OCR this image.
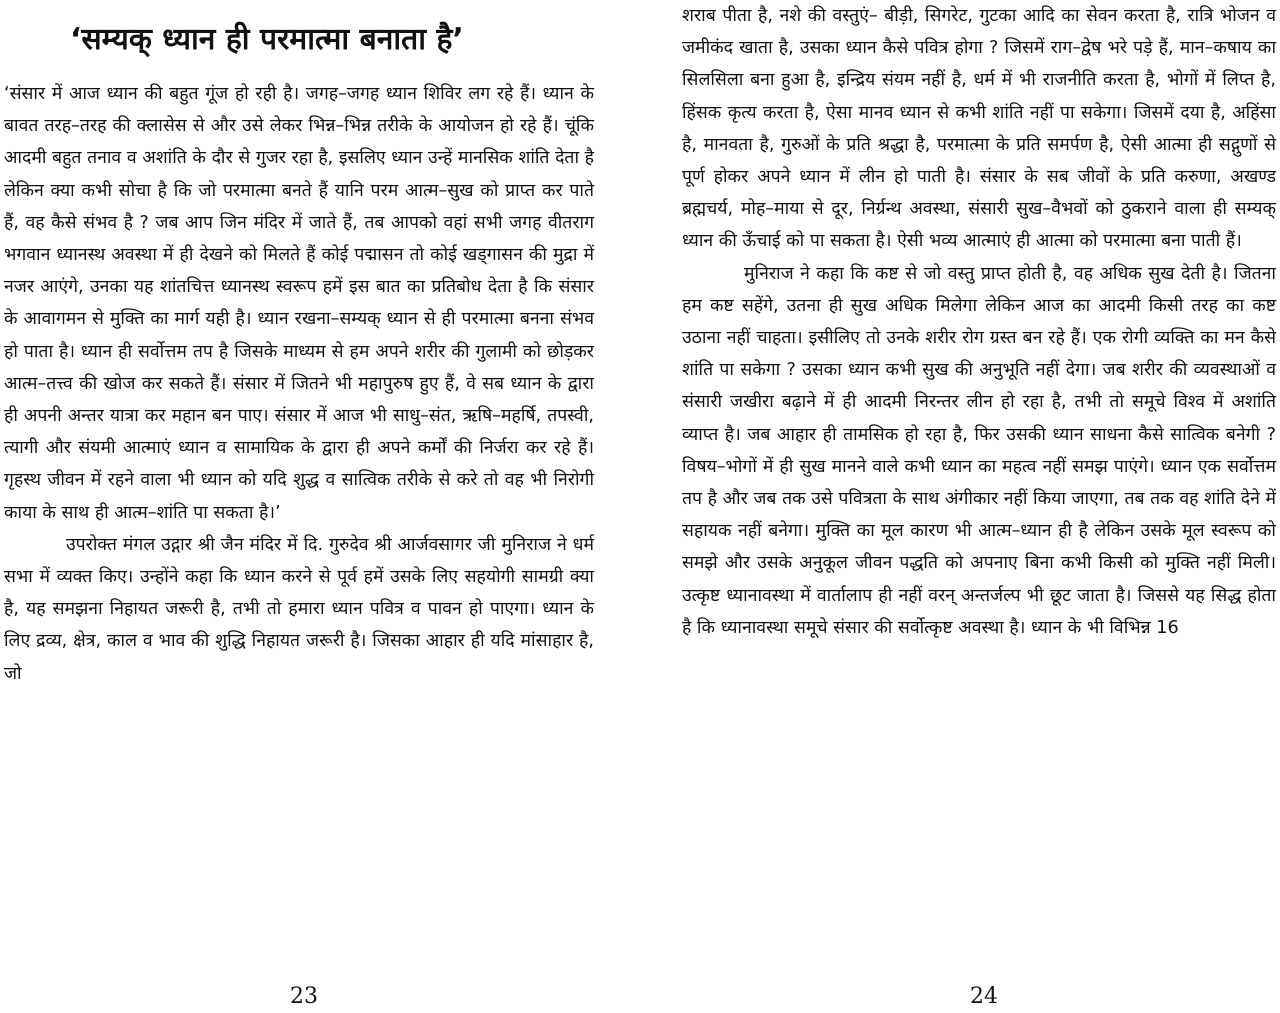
‘सम्यक् ध्यान ही परमात्मा बनाता है’

‘संसार में आज ध्यान की बहुत गूंज हो रही है। जगह–जगह ध्यान शिविर लग रहे हैं। ध्यान के बावत तरह–तरह की क्लासेस से और उसे लेकर भिन्न–भिन्न तरीके के आयोजन हो रहे हैं। चूंकि आदमी बहुत तनाव व अशांति के दौर से गुजर रहा है, इसलिए ध्यान उन्हें मानसिक शांति देता है लेकिन क्या कभी सोचा है कि जो परमात्मा बनते हैं यानि परम आत्म–सुख को प्राप्त कर पाते हैं, वह कैसे संभव है ? जब आप जिन मंदिर में जाते हैं, तब आपको वहां सभी जगह वीतराग भगवान ध्यानस्थ अवस्था में ही देखने को मिलते हैं कोई पद्मासन तो कोई खड्गासन की मुद्रा में नजर आएंगे, उनका यह शांतचित्त ध्यानस्थ स्वरूप हमें इस बात का प्रतिबोध देता है कि संसार के आवागमन से मुक्ति का मार्ग यही है। ध्यान रखना–सम्यक् ध्यान से ही परमात्मा बनना संभव हो पाता है। ध्यान ही सर्वोत्तम तप है जिसके माध्यम से हम अपने शरीर की गुलामी को छोड़कर आत्म–तत्त्व की खोज कर सकते हैं। संसार में जितने भी महापुरुष हुए हैं, वे सब ध्यान के द्वारा ही अपनी अन्तर यात्रा कर महान बन पाए। संसार में आज भी साधु–संत, ऋषि–महर्षि, तपस्वी, त्यागी और संयमी आत्माएं ध्यान व सामायिक के द्वारा ही अपने कर्मों की निर्जरा कर रहे हैं। गृहस्थ जीवन में रहने वाला भी ध्यान को यदि शुद्ध व सात्विक तरीके से करे तो वह भी निरोगी काया के साथ ही आत्म–शांति पा सकता है।’

उपरोक्त मंगल उद्गार श्री जैन मंदिर में दि. गुरुदेव श्री आर्जवसागर जी मुनिराज ने धर्म सभा में व्यक्त किए। उन्होंने कहा कि ध्यान करने से पूर्व हमें उसके लिए सहयोगी सामग्री क्या है, यह समझना निहायत जरूरी है, तभी तो हमारा ध्यान पवित्र व पावन हो पाएगा। ध्यान के लिए द्रव्य, क्षेत्र, काल व भाव की शुद्धि निहायत जरूरी है। जिसका आहार ही यदि मांसाहार है, जो

23

शराब पीता है, नशे की वस्तुएं– बीड़ी, सिगरेट, गुटका आदि का सेवन करता है, रात्रि भोजन व जमीकंद खाता है, उसका ध्यान कैसे पवित्र होगा ? जिसमें राग–द्वेष भरे पड़े हैं, मान–कषाय का सिलसिला बना हुआ है, इन्द्रिय संयम नहीं है, धर्म में भी राजनीति करता है, भोगों में लिप्त है, हिंसक कृत्य करता है, ऐसा मानव ध्यान से कभी शांति नहीं पा सकेगा। जिसमें दया है, अहिंसा है, मानवता है, गुरुओं के प्रति श्रद्धा है, परमात्मा के प्रति समर्पण है, ऐसी आत्मा ही सद्गुणों से पूर्ण होकर अपने ध्यान में लीन हो पाती है। संसार के सब जीवों के प्रति करुणा, अखण्ड ब्रह्मचर्य, मोह–माया से दूर, निर्ग्रन्थ अवस्था, संसारी सुख–वैभवों को ठुकराने वाला ही सम्यक् ध्यान की ऊँचाई को पा सकता है। ऐसी भव्य आत्माएं ही आत्मा को परमात्मा बना पाती हैं।

मुनिराज ने कहा कि कष्ट से जो वस्तु प्राप्त होती है, वह अधिक सुख देती है। जितना हम कष्ट सहेंगे, उतना ही सुख अधिक मिलेगा लेकिन आज का आदमी किसी तरह का कष्ट उठाना नहीं चाहता। इसीलिए तो उनके शरीर रोग ग्रस्त बन रहे हैं। एक रोगी व्यक्ति का मन कैसे शांति पा सकेगा ? उसका ध्यान कभी सुख की अनुभूति नहीं देगा। जब शरीर की व्यवस्थाओं व संसारी जखीरा बढ़ाने में ही आदमी निरन्तर लीन हो रहा है, तभी तो समूचे विश्व में अशांति व्याप्त है। जब आहार ही तामसिक हो रहा है, फिर उसकी ध्यान साधना कैसे सात्विक बनेगी ? विषय–भोगों में ही सुख मानने वाले कभी ध्यान का महत्व नहीं समझ पाएंगे। ध्यान एक सर्वोत्तम तप है और जब तक उसे पवित्रता के साथ अंगीकार नहीं किया जाएगा, तब तक वह शांति देने में सहायक नहीं बनेगा। मुक्ति का मूल कारण भी आत्म–ध्यान ही है लेकिन उसके मूल स्वरूप को समझे और उसके अनुकूल जीवन पद्धति को अपनाए बिना कभी किसी को मुक्ति नहीं मिली। उत्कृष्ट ध्यानावस्था में वार्तालाप ही नहीं वरन् अन्तर्जल्प भी छूट जाता है। जिससे यह सिद्ध होता है कि ध्यानावस्था समूचे संसार की सर्वोत्कृष्ट अवस्था है। ध्यान के भी विभिन्न 16

24
